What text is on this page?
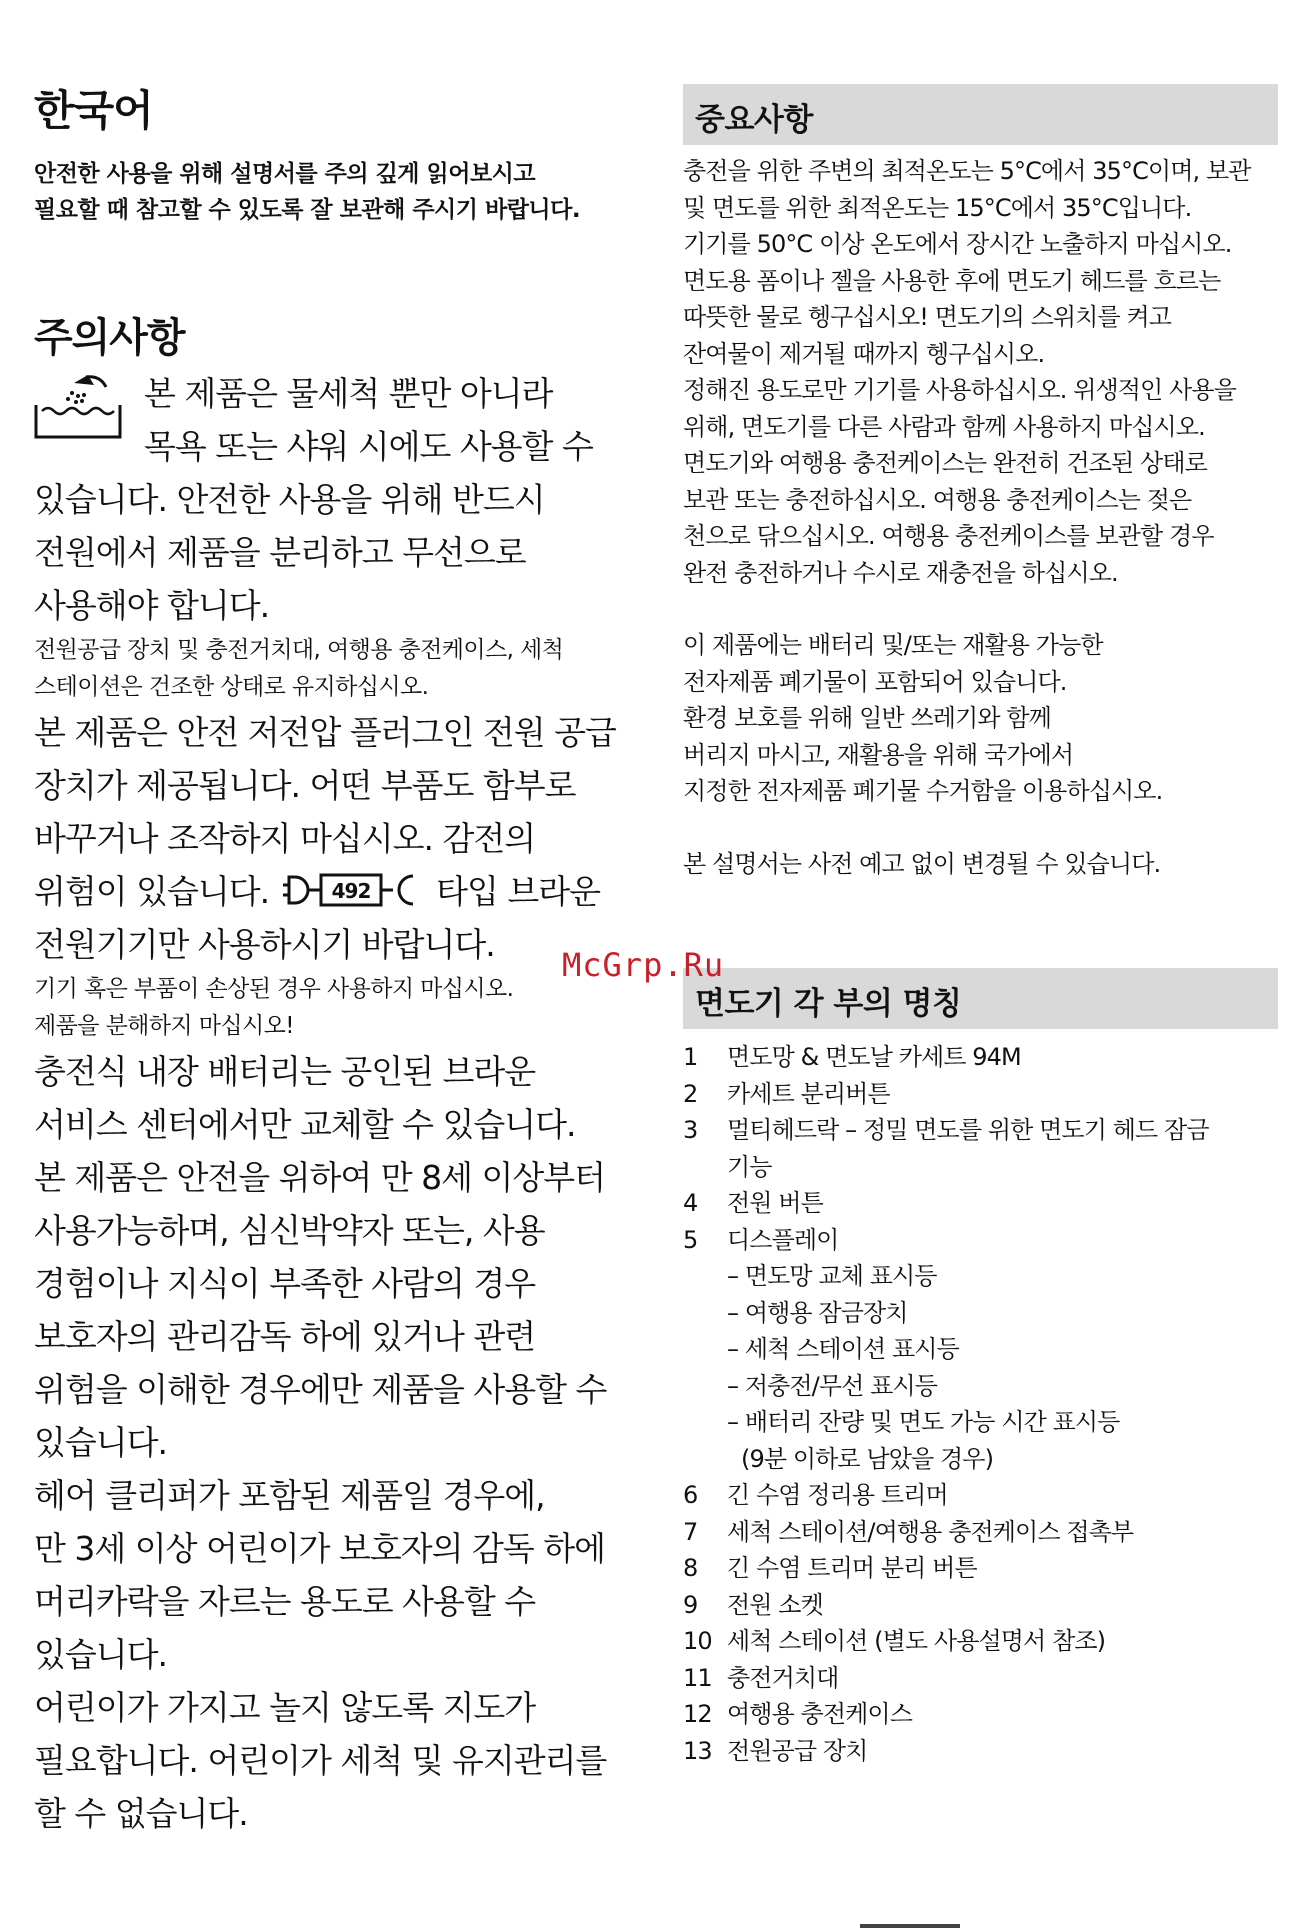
한국어

안전한 사용을 위해 설명서를 주의 깊게 읽어보시고
필요할 때 참고할 수 있도록 잘 보관해 주시기 바랍니다.

주의사항

본 제품은 물세척 뿐만 아니라

목욕 또는 샤워 시에도 사용할 수

있습니다. 안전한 사용을 위해 반드시

전원에서 제품을 분리하고 무선으로

사용해야 합니다.

전원공급 장치 및 충전거치대, 여행용 충전케이스, 세척
스테이션은 건조한 상태로 유지하십시오.

본 제품은 안전 저전압 플러그인 전원 공급

장치가 제공됩니다. 어떤 부품도 함부로

바꾸거나 조작하지 마십시오. 감전의

위험이 있습니다.	492 타입 브라운

전원기기만 사용하시기 바랍니다.

기기 혹은 부품이 손상된 경우 사용하지 마십시오.
제품을 분해하지 마십시오!

충전식 내장 배터리는 공인된 브라운

서비스 센터에서만 교체할 수 있습니다.

본 제품은 안전을 위하여 만 8세 이상부터

사용가능하며, 심신박약자 또는, 사용

경험이나 지식이 부족한 사람의 경우

보호자의 관리감독 하에 있거나 관련

위험을 이해한 경우에만 제품을 사용할 수

있습니다.

헤어 클리퍼가 포함된 제품일 경우에,

만 3세 이상 어린이가 보호자의 감독 하에

머리카락을 자르는 용도로 사용할 수

있습니다.

어린이가 가지고 놀지 않도록 지도가

필요합니다. 어린이가 세척 및 유지관리를

할 수 없습니다.

중요사항

충전을 위한 주변의 최적온도는 5°C에서 35°C이며, 보관

및 면도를 위한 최적온도는 15°C에서 35°C입니다.

기기를 50°C 이상 온도에서 장시간 노출하지 마십시오.

면도용 폼이나 젤을 사용한 후에 면도기 헤드를 흐르는

따뜻한 물로 헹구십시오! 면도기의 스위치를 켜고

잔여물이 제거될 때까지 헹구십시오.

정해진 용도로만 기기를 사용하십시오. 위생적인 사용을

위해, 면도기를 다른 사람과 함께 사용하지 마십시오.

면도기와 여행용 충전케이스는 완전히 건조된 상태로

보관 또는 충전하십시오. 여행용 충전케이스는 젖은

천으로 닦으십시오. 여행용 충전케이스를 보관할 경우

완전 충전하거나 수시로 재충전을 하십시오.

이 제품에는 배터리 및/또는 재활용 가능한

전자제품 폐기물이 포함되어 있습니다.

환경 보호를 위해 일반 쓰레기와 함께

버리지 마시고, 재활용을 위해 국가에서

지정한 전자제품 폐기물 수거함을 이용하십시오.

본 설명서는 사전 예고 없이 변경될 수 있습니다.

면도기 각 부의 명칭
1 면도망 & 면도날 카세트 94M
2 카세트 분리버튼
3 멀티헤드락 – 정밀 면도를 위한 면도기 헤드 잠금
기능
4 전원 버튼
5 디스플레이
– 면도망 교체 표시등
– 여행용 잠금장치
– 세척 스테이션 표시등
– 저충전/무선 표시등
– 배터리 잔량 및 면도 가능 시간 표시등
(9분 이하로 남았을 경우)
6 긴 수염 정리용 트리머
7 세척 스테이션/여행용 충전케이스 접촉부
8 긴 수염 트리머 분리 버튼
9 전원 소켓
10 세척 스테이션 (별도 사용설명서 참조)
11 충전거치대
12 여행용 충전케이스
13 전원공급 장치
McGrp.Ru
